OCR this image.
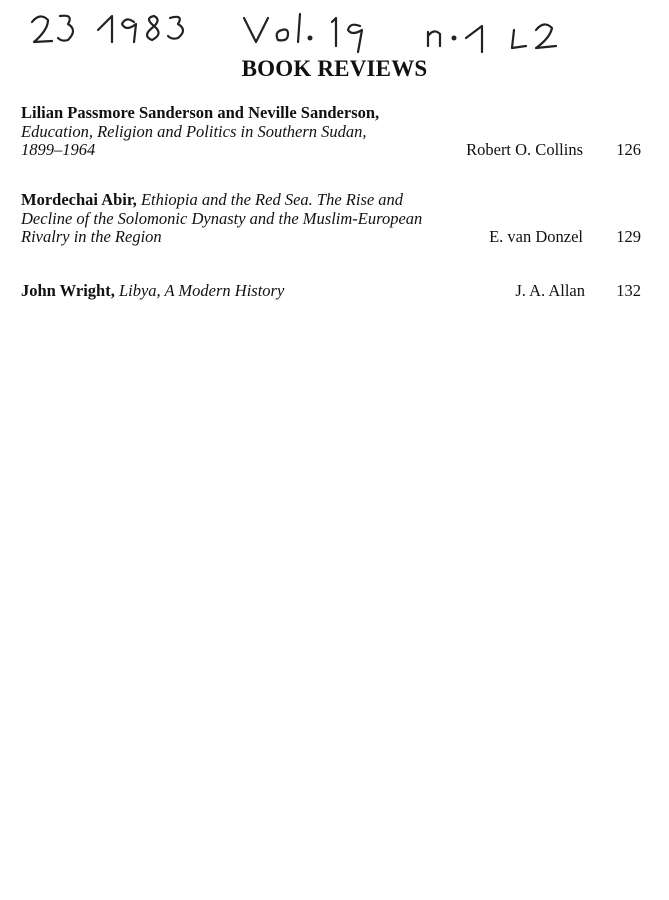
BOOK REVIEWS
Lilian Passmore Sanderson and Neville Sanderson,
Education, Religion and Politics in Southern Sudan,
1899–1964	Robert O. Collins	126
Mordechai Abir, Ethiopia and the Red Sea. The Rise and
Decline of the Solomonic Dynasty and the Muslim-European
Rivalry in the Region	E. van Donzel	129
John Wright, Libya, A Modern History	J. A. Allan	132
